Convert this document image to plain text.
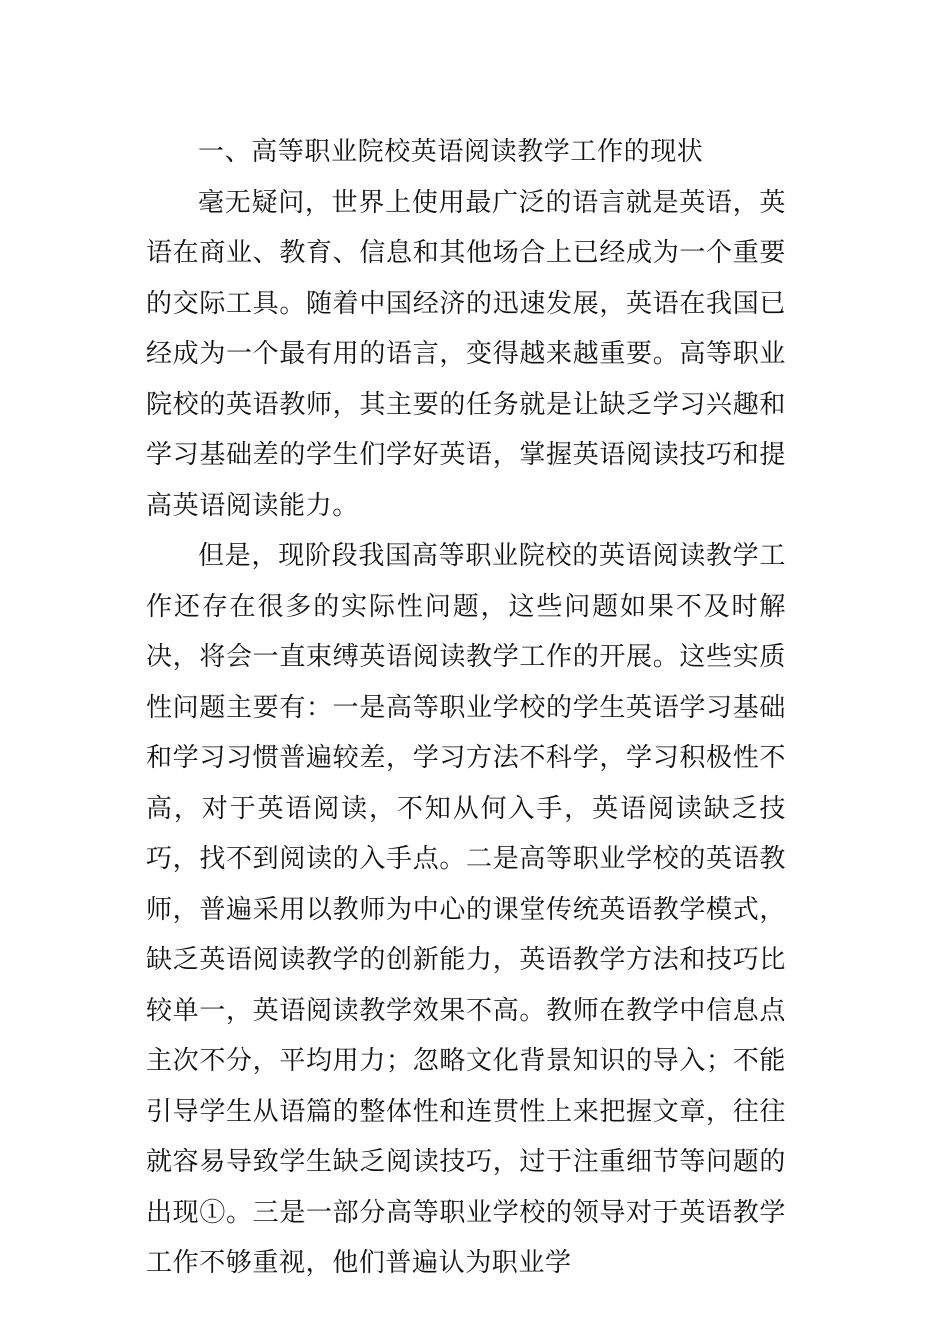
一、高等职业院校英语阅读教学工作的现状

毫无疑问，世界上使用最广泛的语言就是英语，英语在商业、教育、信息和其他场合上已经成为一个重要的交际工具。随着中国经济的迅速发展，英语在我国已经成为一个最有用的语言，变得越来越重要。高等职业院校的英语教师，其主要的任务就是让缺乏学习兴趣和学习基础差的学生们学好英语，掌握英语阅读技巧和提高英语阅读能力。

但是，现阶段我国高等职业院校的英语阅读教学工作还存在很多的实际性问题，这些问题如果不及时解决，将会一直束缚英语阅读教学工作的开展。这些实质性问题主要有：一是高等职业学校的学生英语学习基础和学习习惯普遍较差，学习方法不科学，学习积极性不高，对于英语阅读，不知从何入手，英语阅读缺乏技巧，找不到阅读的入手点。二是高等职业学校的英语教师，普遍采用以教师为中心的课堂传统英语教学模式，缺乏英语阅读教学的创新能力，英语教学方法和技巧比较单一，英语阅读教学效果不高。教师在教学中信息点主次不分，平均用力；忽略文化背景知识的导入；不能引导学生从语篇的整体性和连贯性上来把握文章，往往就容易导致学生缺乏阅读技巧，过于注重细节等问题的出现①。三是一部分高等职业学校的领导对于英语教学工作不够重视，他们普遍认为职业学
